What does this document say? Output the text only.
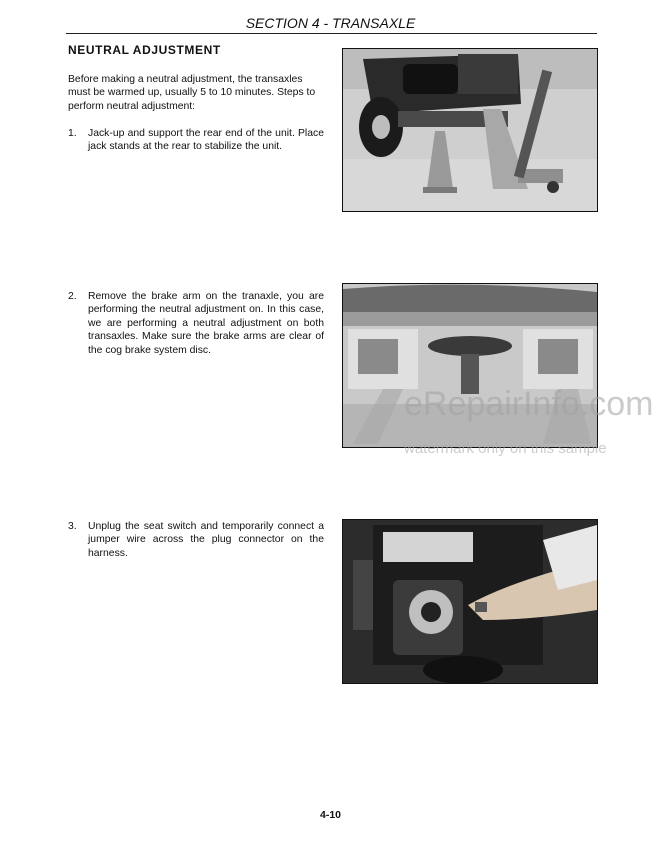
SECTION 4 - TRANSAXLE
NEUTRAL ADJUSTMENT

Before making a neutral adjustment, the transaxles must be warmed up, usually 5 to 10 minutes. Steps to perform neutral adjustment:

1.	Jack-up and support the rear end of the unit. Place jack stands at the rear to stabilize the unit.
2.	Remove the brake arm on the tranaxle, you are performing the neutral adjustment on. In this case, we are performing a neutral adjustment on both transaxles. Make sure the brake arms are clear of the cog brake system disc.
3.	Unplug the seat switch and temporarily connect a jumper wire across the plug connector on the harness.
eRepairInfo.com
watermark only on this sample
4-10
